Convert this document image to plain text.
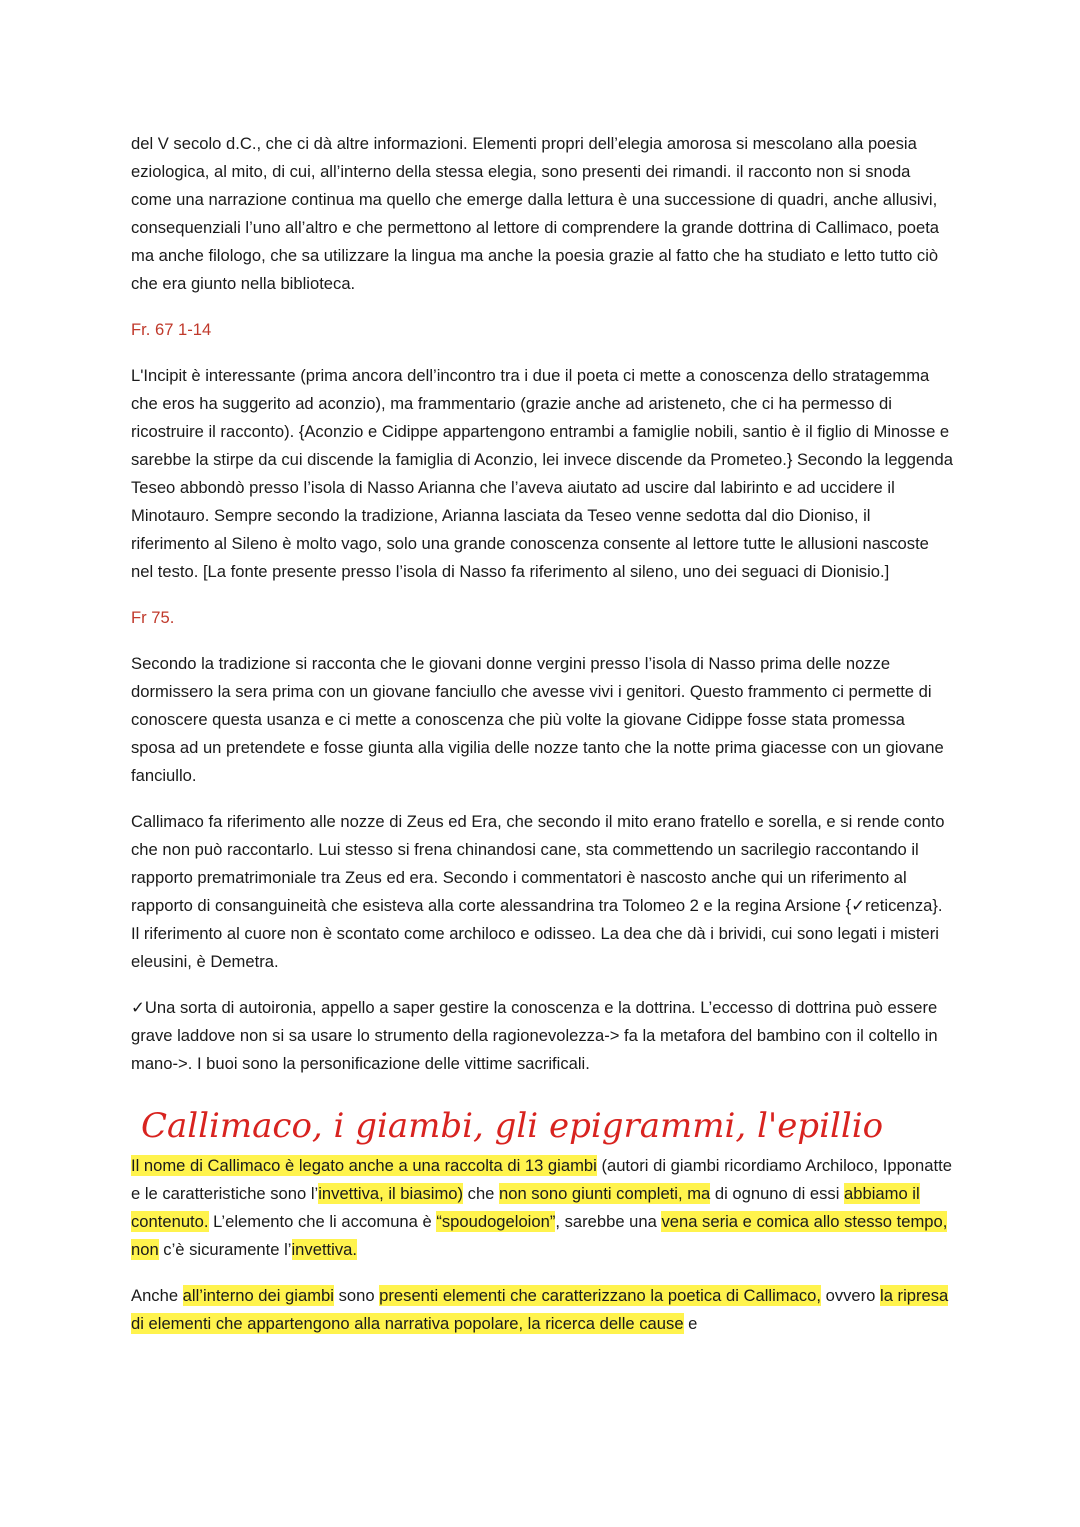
del V secolo d.C., che ci dà altre informazioni. Elementi propri dell’elegia amorosa si mescolano alla poesia eziologica, al mito, di cui, all’interno della stessa elegia, sono presenti dei rimandi. il racconto non si snoda come una narrazione continua ma quello che emerge dalla lettura è una successione di quadri, anche allusivi, consequenziali l’uno all’altro e che permettono al lettore di comprendere la grande dottrina di Callimaco, poeta ma anche filologo, che sa utilizzare la lingua ma anche la poesia grazie al fatto che ha studiato e letto tutto ciò che era giunto nella biblioteca.

Fr. 67 1-14

L'Incipit è interessante (prima ancora dell’incontro tra i due il poeta ci mette a conoscenza dello stratagemma che eros ha suggerito ad aconzio), ma frammentario (grazie anche ad aristeneto, che ci ha permesso di ricostruire il racconto). {Aconzio e Cidippe appartengono entrambi a famiglie nobili, santio è il figlio di Minosse e sarebbe la stirpe da cui discende la famiglia di Aconzio, lei invece discende da Prometeo.} Secondo la leggenda Teseo abbondò presso l’isola di Nasso Arianna che l’aveva aiutato ad uscire dal labirinto e ad uccidere il Minotauro. Sempre secondo la tradizione, Arianna lasciata da Teseo venne sedotta dal dio Dioniso, il riferimento al Sileno è molto vago, solo una grande conoscenza consente al lettore tutte le allusioni nascoste nel testo. [La fonte presente presso l’isola di Nasso fa riferimento al sileno, uno dei seguaci di Dionisio.]

Fr 75.

Secondo la tradizione si racconta che le giovani donne vergini presso l’isola di Nasso prima delle nozze dormissero la sera prima con un giovane fanciullo che avesse vivi i genitori. Questo frammento ci permette di conoscere questa usanza e ci mette a conoscenza che più volte la giovane Cidippe fosse stata promessa sposa ad un pretendete e fosse giunta alla vigilia delle nozze tanto che la notte prima giacesse con un giovane fanciullo.

Callimaco fa riferimento alle nozze di Zeus ed Era, che secondo il mito erano fratello e sorella, e si rende conto che non può raccontarlo. Lui stesso si frena chinandosi cane, sta commettendo un sacrilegio raccontando il rapporto prematrimoniale tra Zeus ed era. Secondo i commentatori è nascosto anche qui un riferimento al rapporto di consanguineità che esisteva alla corte alessandrina tra Tolomeo 2 e la regina Arsione {✓reticenza}. Il riferimento al cuore non è scontato come archiloco e odisseo. La dea che dà i brividi, cui sono legati i misteri eleusini, è Demetra.

✓Una sorta di autoironia, appello a saper gestire la conoscenza e la dottrina. L’eccesso di dottrina può essere grave laddove non si sa usare lo strumento della ragionevolezza-> fa la metafora del bambino con il coltello in mano->. I buoi sono la personificazione delle vittime sacrificali.

Callimaco, i giambi, gli epigrammi, l'epillio

Il nome di Callimaco è legato anche a una raccolta di 13 giambi (autori di giambi ricordiamo Archiloco, Ipponatte e le caratteristiche sono l’invettiva, il biasimo) che non sono giunti completi, ma di ognuno di essi abbiamo il contenuto. L’elemento che li accomuna è “spoudogeloion”, sarebbe una vena seria e comica allo stesso tempo, non c’è sicuramente l’invettiva.

Anche all’interno dei giambi sono presenti elementi che caratterizzano la poetica di Callimaco, ovvero la ripresa di elementi che appartengono alla narrativa popolare, la ricerca delle cause e
